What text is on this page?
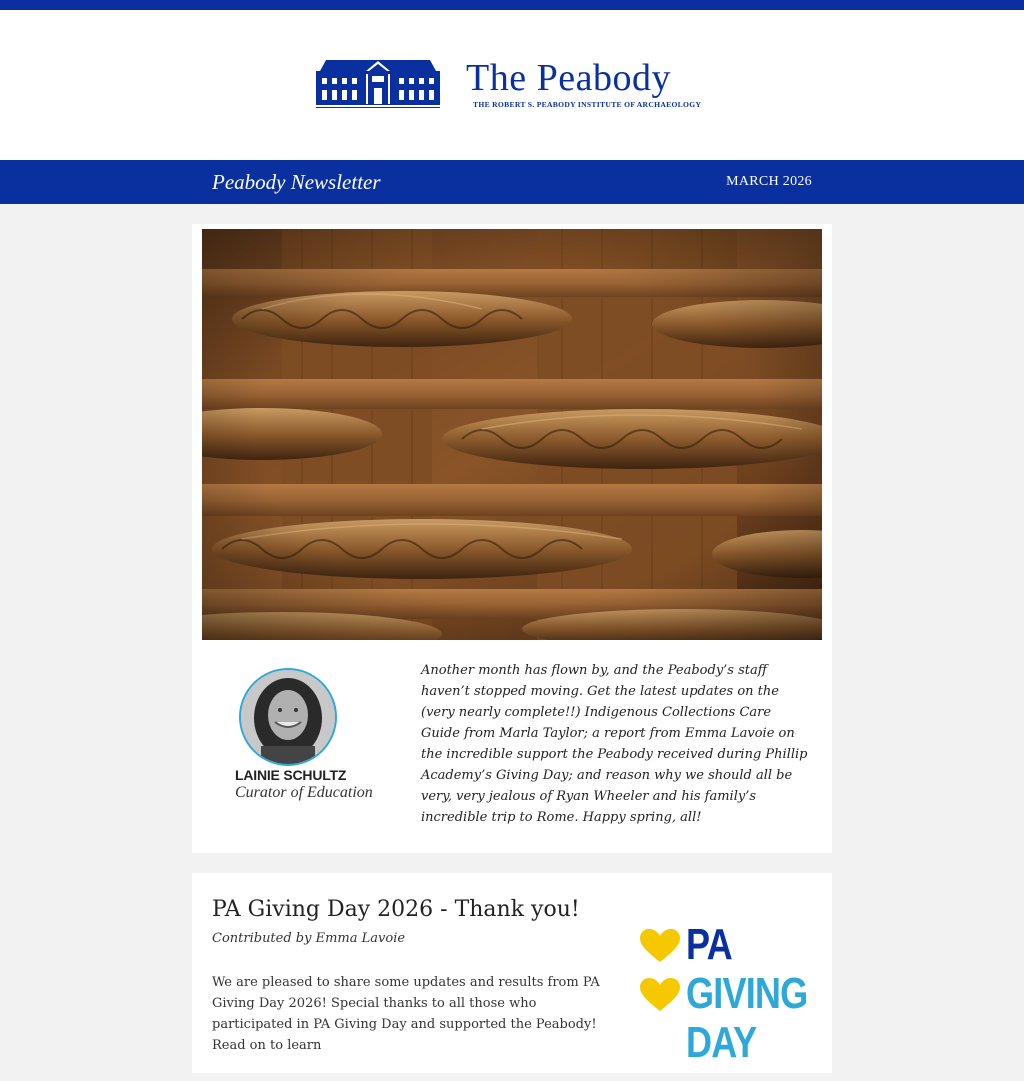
The Peabody
THE ROBERT S. PEABODY INSTITUTE OF ARCHAEOLOGY
Peabody Newsletter	MARCH 2026
LAINIE SCHULTZ
Curator of Education

Another month has flown by, and the Peabody’s staff haven’t stopped moving. Get the latest updates on the (very nearly complete!!) Indigenous Collections Care Guide from Marla Taylor; a report from Emma Lavoie on the incredible support the Peabody received during Phillip Academy’s Giving Day; and reason why we should all be very, very jealous of Ryan Wheeler and his family’s incredible trip to Rome. Happy spring, all!

PA Giving Day 2026 - Thank you!
Contributed by Emma Lavoie

We are pleased to share some updates and results from PA Giving Day 2026! Special thanks to all those who participated in PA Giving Day and supported the Peabody! Read on to learn

PA
GIVING
DAY
